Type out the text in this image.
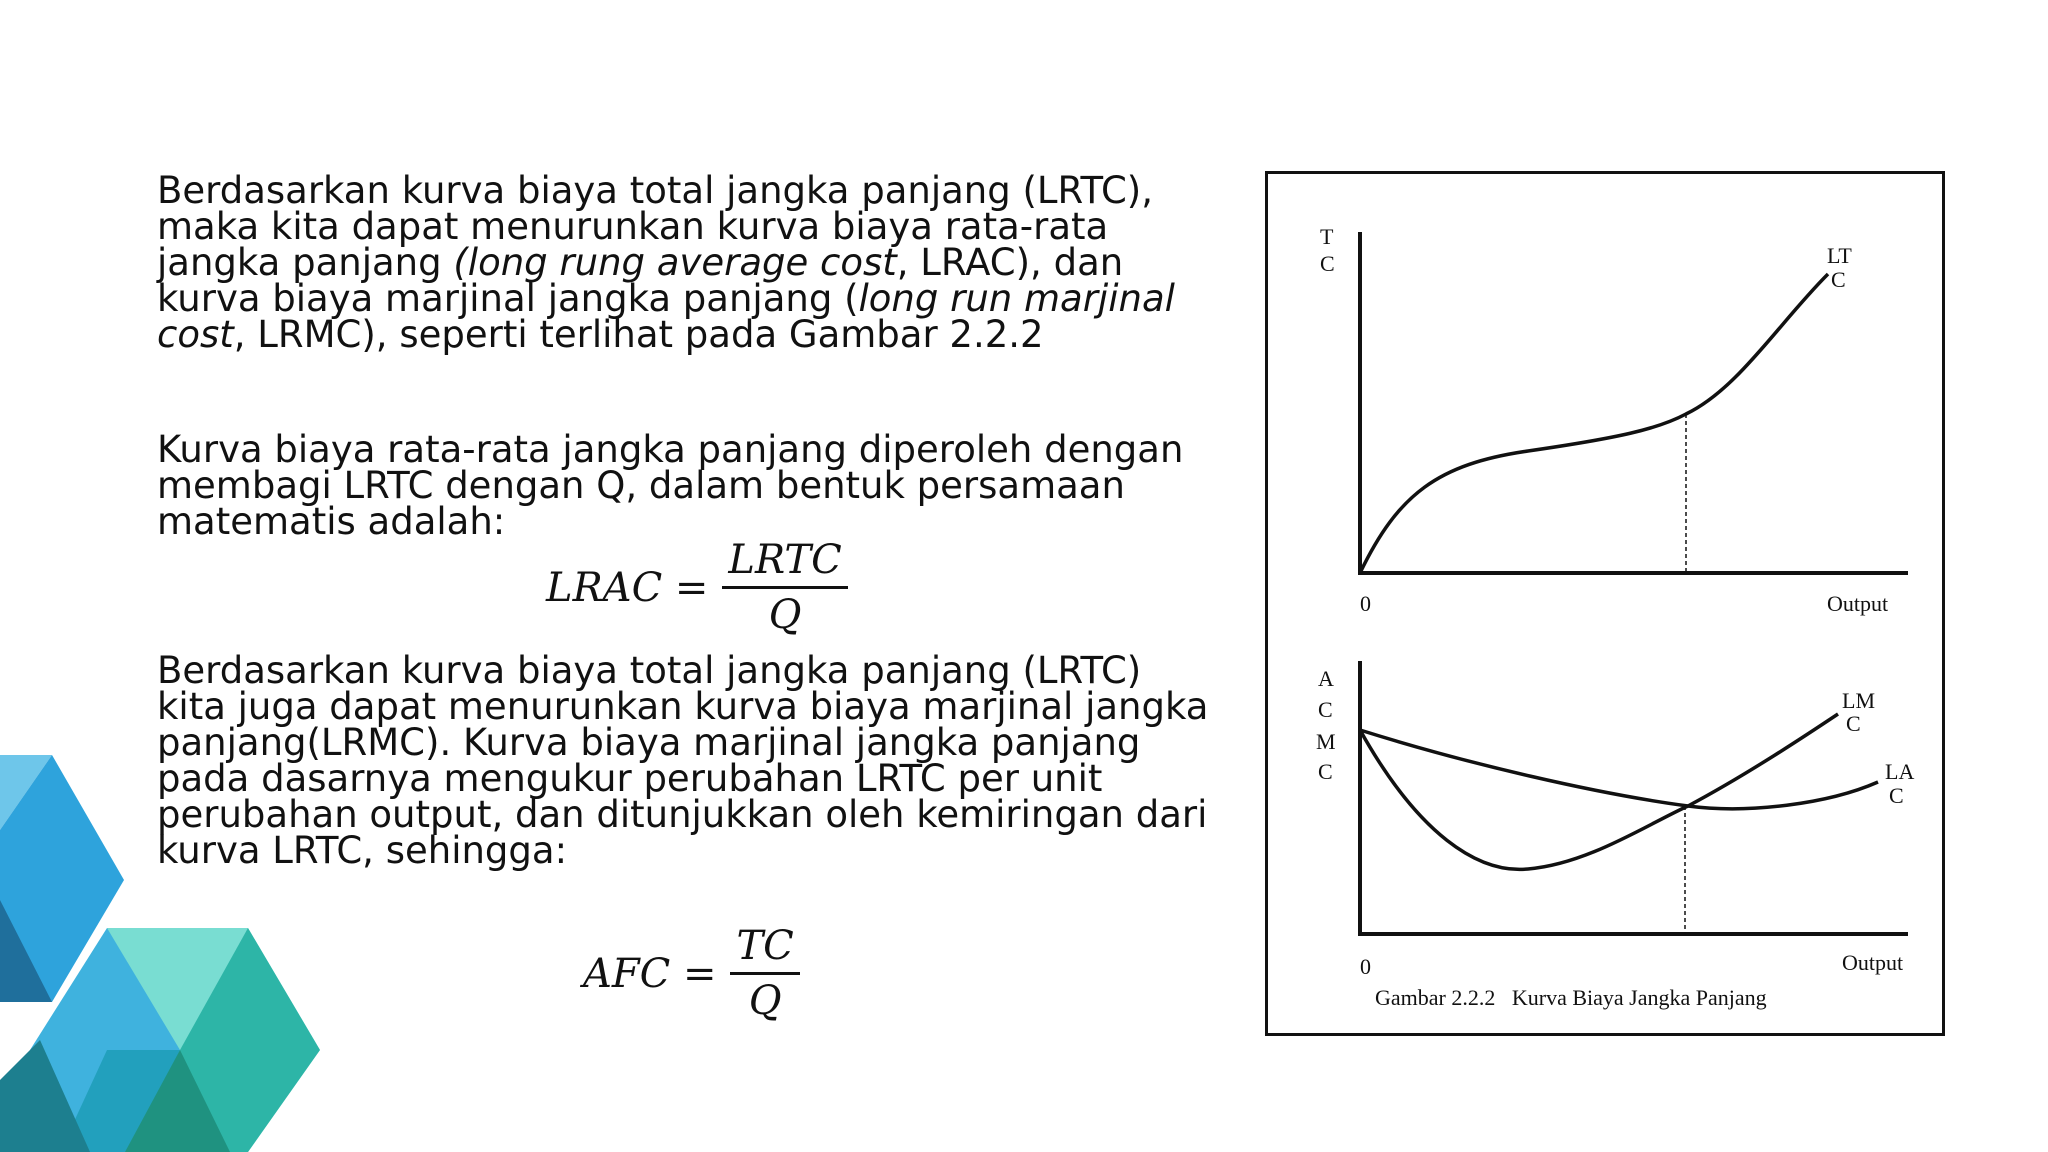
Berdasarkan kurva biaya total jangka panjang (LRTC), maka kita dapat menurunkan kurva biaya rata-rata jangka panjang (long rung average cost, LRAC), dan kurva biaya marjinal jangka panjang (long run marjinal cost, LRMC), seperti terlihat pada Gambar 2.2.2
Kurva biaya rata-rata jangka panjang diperoleh dengan membagi LRTC dengan Q, dalam bentuk persamaan matematis adalah:
LRAC = $\frac{\text{LRTC}}{Q}$
Berdasarkan kurva biaya total jangka panjang (LRTC) kita juga dapat menurunkan kurva biaya marjinal jangka panjang(LRMC). Kurva biaya marjinal jangka panjang pada dasarnya mengukur perubahan LRTC per unit perubahan output, dan ditunjukkan oleh kemiringan dari kurva LRTC, sehingga:
AFC = $\frac{TC}{Q}$
T
C	LT
C
0	Output
A
C
M
C
LM
C
LA
C
0	Output
Gambar 2.2.2   Kurva Biaya Jangka Panjang
